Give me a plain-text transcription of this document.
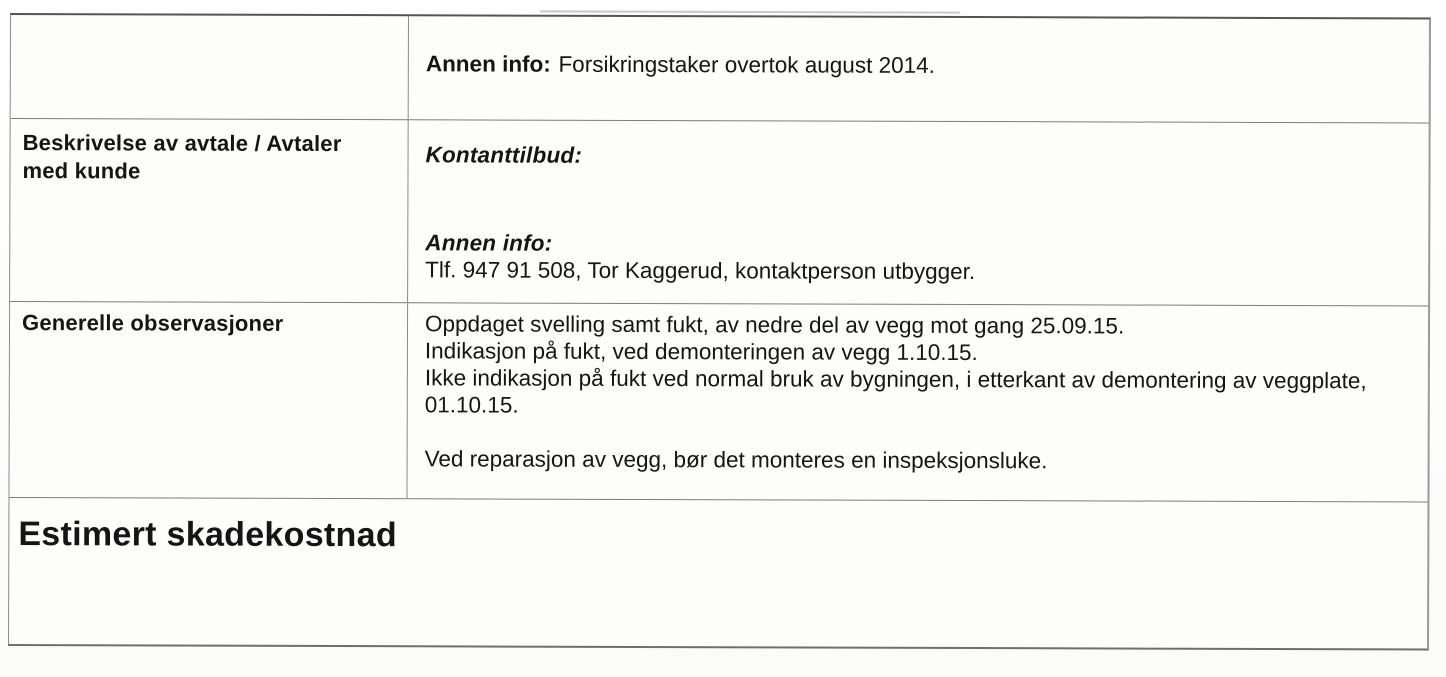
Annen info: Forsikringstaker overtok august 2014.
Beskrivelse av avtale / Avtaler med kunde
Kontanttilbud:
Annen info:
Tlf. 947 91 508, Tor Kaggerud, kontaktperson utbygger.
Generelle observasjoner	Oppdaget svelling samt fukt, av nedre del av vegg mot gang 25.09.15.
Indikasjon på fukt, ved demonteringen av vegg 1.10.15.
Ikke indikasjon på fukt ved normal bruk av bygningen, i etterkant av demontering av veggplate, 01.10.15.
Ved reparasjon av vegg, bør det monteres en inspeksjonsluke.
Estimert skadekostnad
